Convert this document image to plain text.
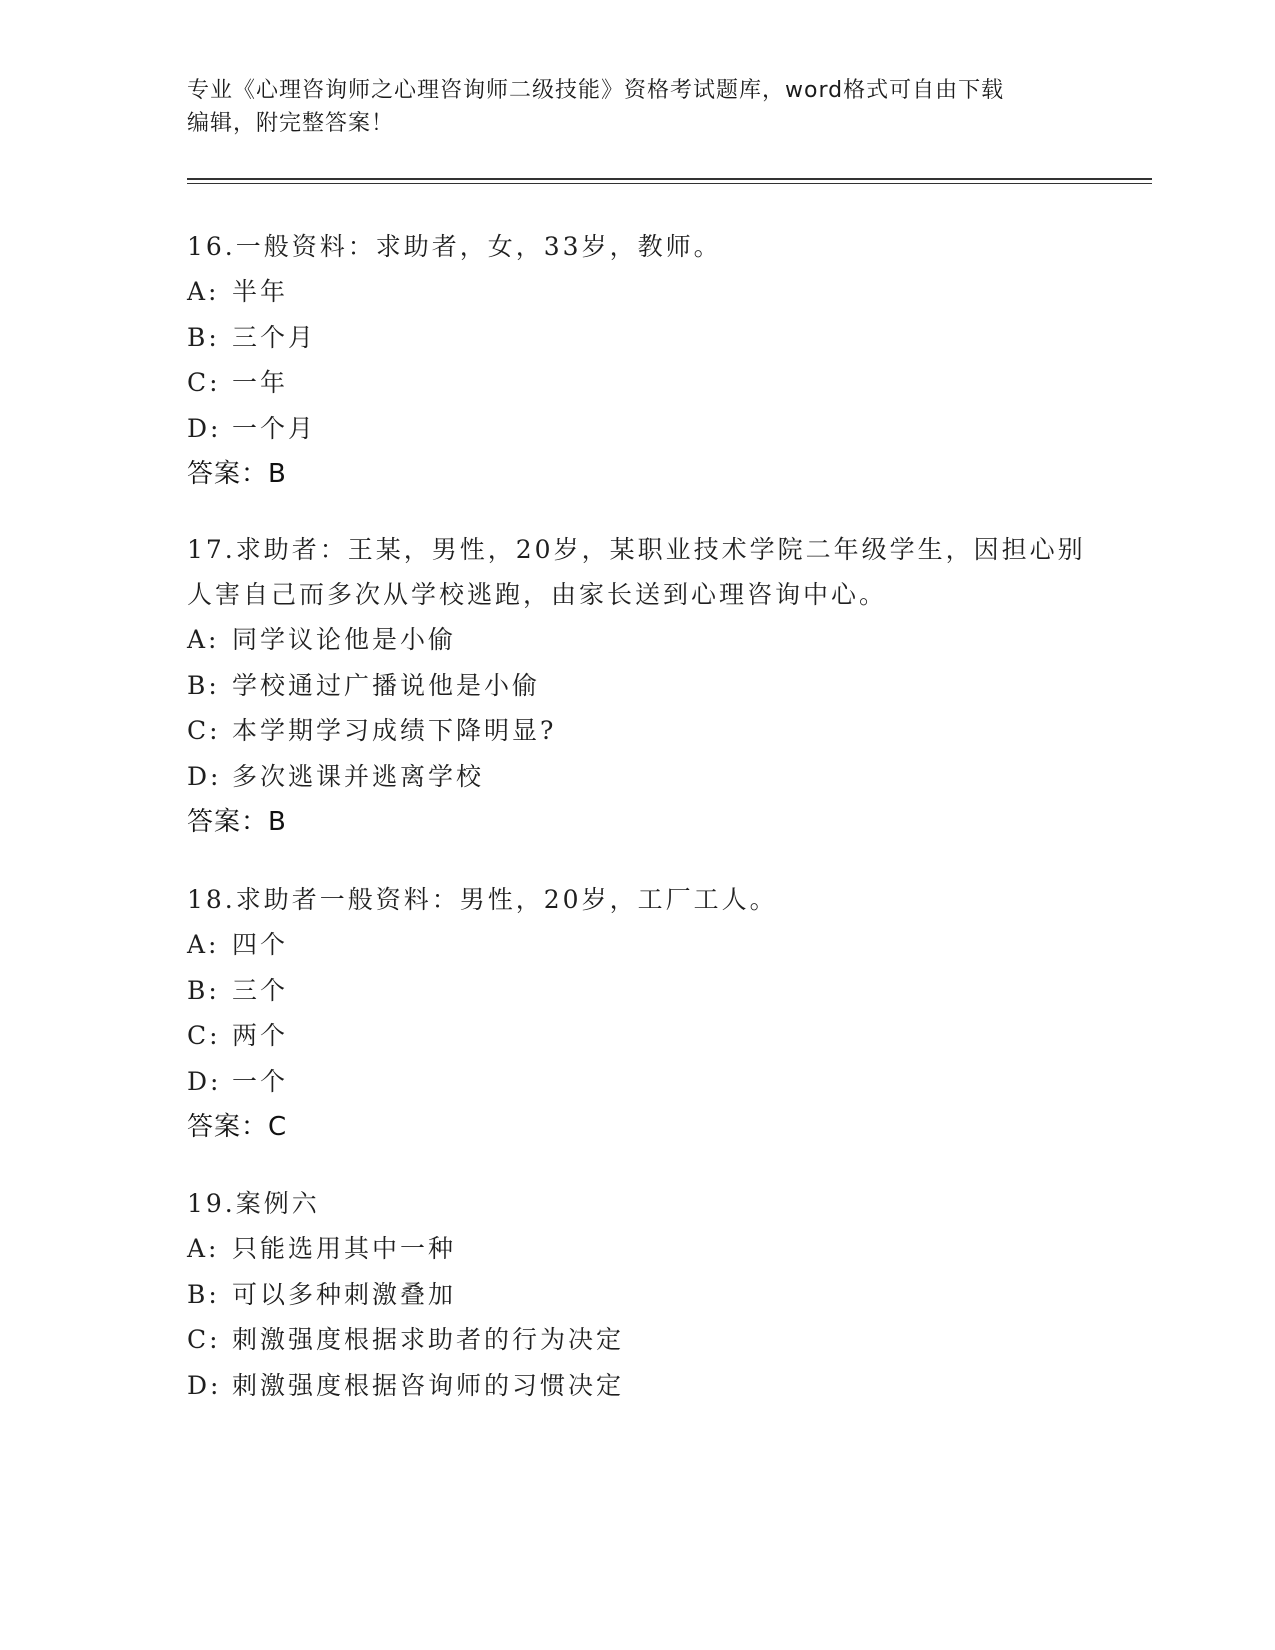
专业《心理咨询师之心理咨询师二级技能》资格考试题库，word格式可自由下载
编辑，附完整答案！
16.一般资料：求助者，女，33岁，教师。
A: 半年
B: 三个月
C: 一年
D: 一个月
答案：B
17.求助者：王某，男性，20岁，某职业技术学院二年级学生，因担心别人害自己而多次从学校逃跑，由家长送到心理咨询中心。
A: 同学议论他是小偷
B: 学校通过广播说他是小偷
C: 本学期学习成绩下降明显?
D: 多次逃课并逃离学校
答案：B
18.求助者一般资料：男性，20岁，工厂工人。
A: 四个
B: 三个
C: 两个
D: 一个
答案：C
19.案例六
A: 只能选用其中一种
B: 可以多种刺激叠加
C: 刺激强度根据求助者的行为决定
D: 刺激强度根据咨询师的习惯决定
